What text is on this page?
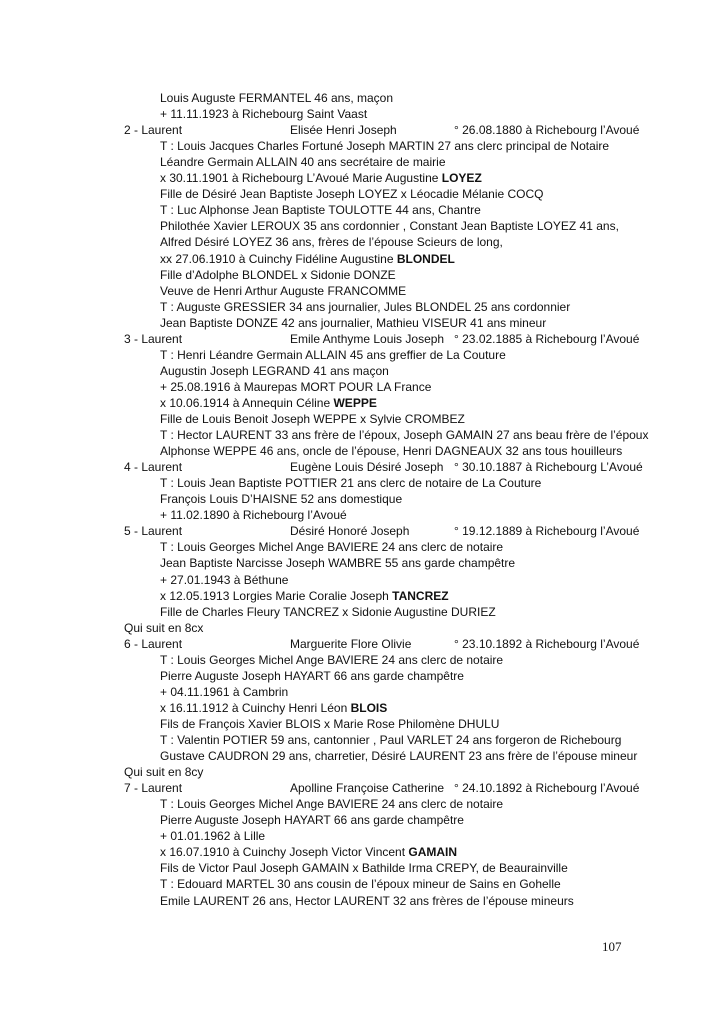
Louis Auguste FERMANTEL 46 ans, maçon
+ 11.11.1923 à Richebourg Saint Vaast
2 - Laurent	Elisée Henri Joseph	° 26.08.1880 à Richebourg l’Avoué
T : Louis Jacques Charles Fortuné Joseph MARTIN 27 ans clerc principal de Notaire
Léandre Germain ALLAIN 40 ans secrétaire de mairie
x 30.11.1901 à Richebourg L’Avoué Marie Augustine LOYEZ
Fille de Désiré Jean Baptiste Joseph LOYEZ x Léocadie Mélanie COCQ
T : Luc Alphonse Jean Baptiste TOULOTTE 44 ans, Chantre
Philothée Xavier LEROUX 35 ans cordonnier , Constant Jean Baptiste LOYEZ 41 ans,
Alfred Désiré LOYEZ 36 ans, frères de l’épouse Scieurs de long,
xx 27.06.1910 à Cuinchy Fidéline Augustine BLONDEL
Fille d’Adolphe BLONDEL x Sidonie DONZE
Veuve de Henri Arthur Auguste FRANCOMME
T : Auguste GRESSIER 34 ans journalier, Jules BLONDEL 25 ans cordonnier
Jean Baptiste DONZE 42 ans journalier, Mathieu VISEUR 41 ans mineur
3 - Laurent	Emile Anthyme Louis Joseph ° 23.02.1885 à Richebourg l’Avoué
T : Henri Léandre Germain ALLAIN 45 ans greffier de La Couture
Augustin Joseph LEGRAND 41 ans maçon
+ 25.08.1916 à Maurepas MORT POUR LA France
x 10.06.1914 à Annequin Céline WEPPE
Fille de Louis Benoit Joseph WEPPE x Sylvie CROMBEZ
T : Hector LAURENT 33 ans frère de l’époux, Joseph GAMAIN 27 ans beau frère de l’époux
Alphonse WEPPE 46 ans, oncle de l’épouse, Henri DAGNEAUX 32 ans tous houilleurs
4 - Laurent	Eugène Louis Désiré Joseph ° 30.10.1887 à Richebourg L’Avoué
T : Louis Jean Baptiste POTTIER 21 ans clerc de notaire de La Couture
François Louis D’HAISNE 52 ans domestique
+ 11.02.1890 à Richebourg l’Avoué
5 - Laurent	Désiré Honoré Joseph	° 19.12.1889 à Richebourg l’Avoué
T : Louis Georges Michel Ange BAVIERE 24 ans clerc de notaire
Jean Baptiste Narcisse Joseph WAMBRE 55 ans garde champêtre
+ 27.01.1943 à Béthune
x 12.05.1913 Lorgies Marie Coralie Joseph TANCREZ
Fille de Charles Fleury TANCREZ x Sidonie Augustine DURIEZ
Qui suit en 8cx
6 - Laurent	Marguerite Flore Olivie	° 23.10.1892 à Richebourg l’Avoué
T : Louis Georges Michel Ange BAVIERE 24 ans clerc de notaire
Pierre Auguste Joseph HAYART 66 ans garde champêtre
+ 04.11.1961 à Cambrin
x 16.11.1912 à Cuinchy Henri Léon BLOIS
Fils de François Xavier BLOIS x Marie Rose Philomène DHULU
T : Valentin POTIER 59 ans, cantonnier , Paul VARLET 24 ans forgeron de Richebourg
Gustave CAUDRON 29 ans, charretier, Désiré LAURENT 23 ans frère de l’épouse mineur
Qui suit en 8cy
7 - Laurent	Apolline Françoise Catherine ° 24.10.1892 à Richebourg l’Avoué
T : Louis Georges Michel Ange BAVIERE 24 ans clerc de notaire
Pierre Auguste Joseph HAYART 66 ans garde champêtre
+ 01.01.1962 à Lille
x 16.07.1910 à Cuinchy Joseph Victor Vincent GAMAIN
Fils de Victor Paul Joseph GAMAIN x Bathilde Irma CREPY, de Beaurainville
T : Edouard MARTEL 30 ans cousin de l’époux mineur de Sains en Gohelle
Emile LAURENT 26 ans, Hector LAURENT 32 ans frères de l’épouse mineurs
107
